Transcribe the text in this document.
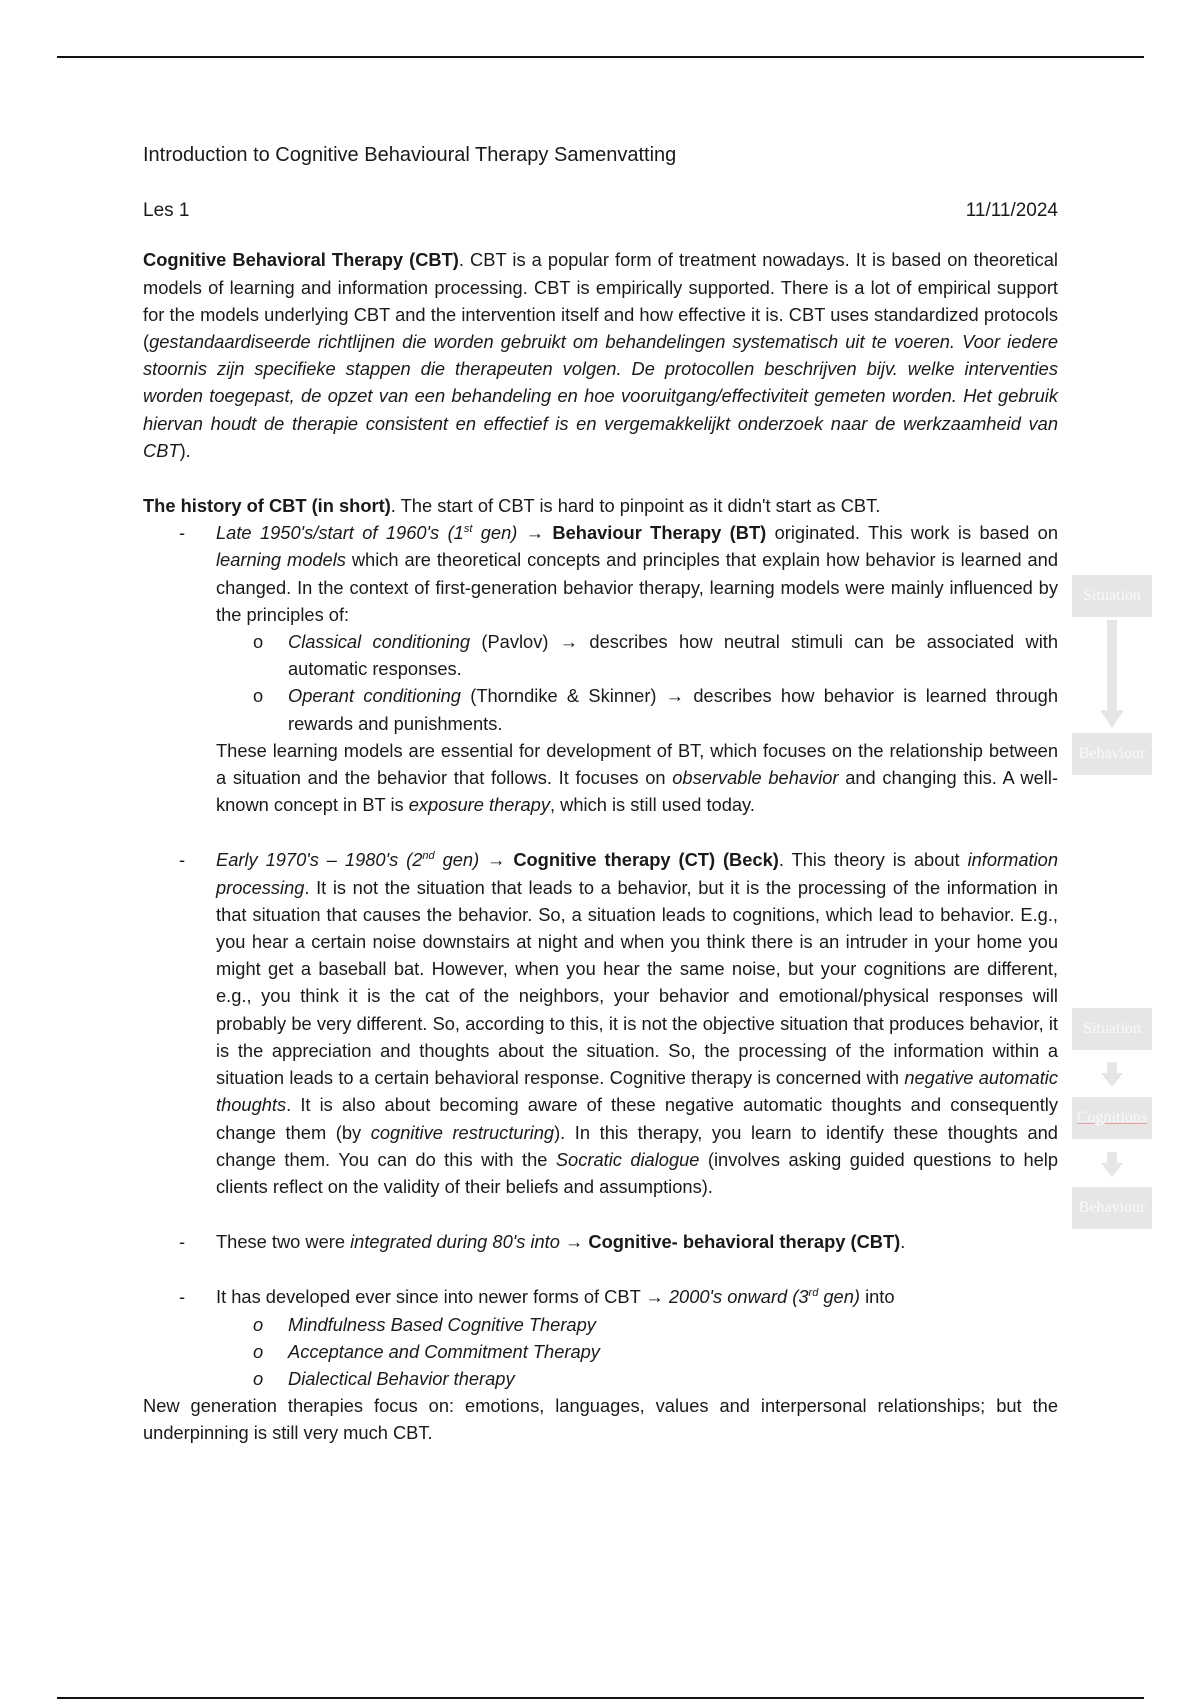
Introduction to Cognitive Behavioural Therapy Samenvatting

Les 1	11/11/2024

Cognitive Behavioral Therapy (CBT). CBT is a popular form of treatment nowadays. It is based on theoretical models of learning and information processing. CBT is empirically supported. There is a lot of empirical support for the models underlying CBT and the intervention itself and how effective it is. CBT uses standardized protocols (gestandaardiseerde richtlijnen die worden gebruikt om behandelingen systematisch uit te voeren. Voor iedere stoornis zijn specifieke stappen die therapeuten volgen. De protocollen beschrijven bijv. welke interventies worden toegepast, de opzet van een behandeling en hoe vooruitgang/effectiviteit gemeten worden. Het gebruik hiervan houdt de therapie consistent en effectief is en vergemakkelijkt onderzoek naar de werkzaamheid van CBT).

The history of CBT (in short). The start of CBT is hard to pinpoint as it didn't start as CBT.

- Late 1950's/start of 1960's (1st gen) → Behaviour Therapy (BT) originated. This work is based on learning models which are theoretical concepts and principles that explain how behavior is learned and changed. In the context of first-generation behavior therapy, learning models were mainly influenced by the principles of:

o Classical conditioning (Pavlov) → describes how neutral stimuli can be associated with automatic responses.

o Operant conditioning (Thorndike & Skinner) → describes how behavior is learned through rewards and punishments.

These learning models are essential for development of BT, which focuses on the relationship between a situation and the behavior that follows. It focuses on observable behavior and changing this. A well-known concept in BT is exposure therapy, which is still used today.

- Early 1970's – 1980's (2nd gen) → Cognitive therapy (CT) (Beck). This theory is about information processing. It is not the situation that leads to a behavior, but it is the processing of the information in that situation that causes the behavior. So, a situation leads to cognitions, which lead to behavior. E.g., you hear a certain noise downstairs at night and when you think there is an intruder in your home you might get a baseball bat. However, when you hear the same noise, but your cognitions are different, e.g., you think it is the cat of the neighbors, your behavior and emotional/physical responses will probably be very different. So, according to this, it is not the objective situation that produces behavior, it is the appreciation and thoughts about the situation. So, the processing of the information within a situation leads to a certain behavioral response. Cognitive therapy is concerned with negative automatic thoughts. It is also about becoming aware of these negative automatic thoughts and consequently change them (by cognitive restructuring). In this therapy, you learn to identify these thoughts and change them. You can do this with the Socratic dialogue (involves asking guided questions to help clients reflect on the validity of their beliefs and assumptions).

- These two were integrated during 80's into → Cognitive- behavioral therapy (CBT).

- It has developed ever since into newer forms of CBT → 2000's onward (3rd gen) into

o Mindfulness Based Cognitive Therapy

o Acceptance and Commitment Therapy

o Dialectical Behavior therapy

New generation therapies focus on: emotions, languages, values and interpersonal relationships; but the underpinning is still very much CBT.

Situation
Behaviour
Situation
Cognitions
Behaviour
